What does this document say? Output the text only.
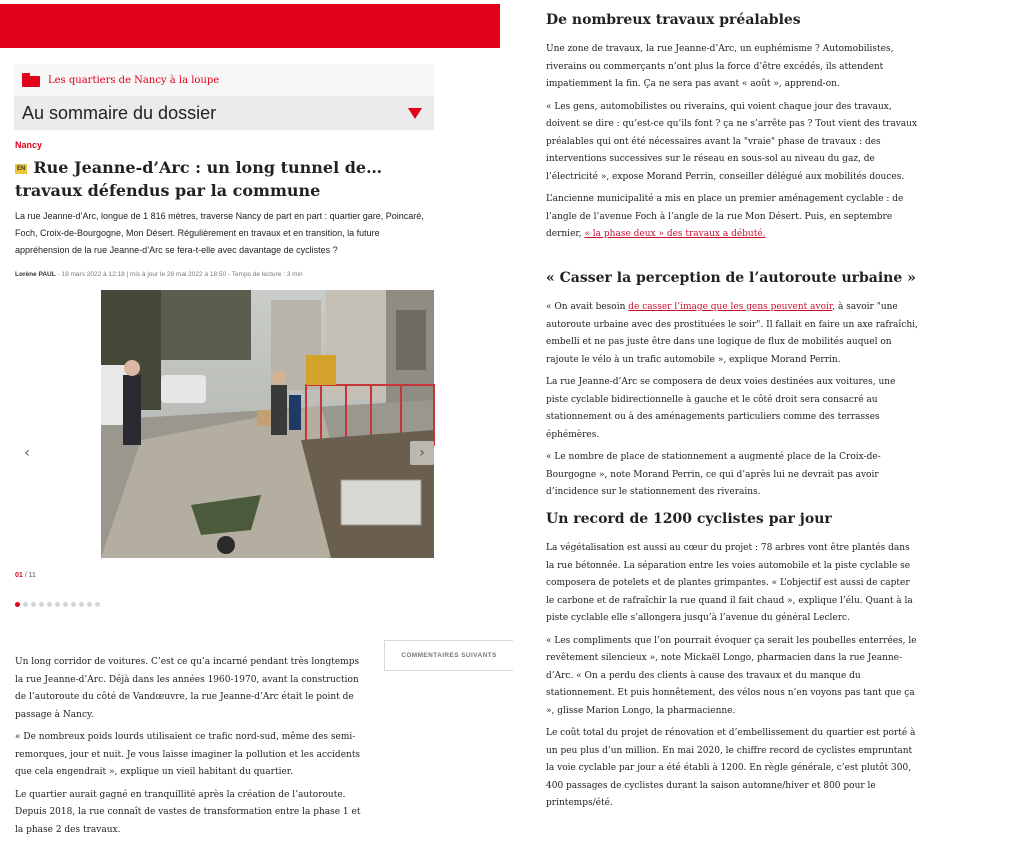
Les quartiers de Nancy à la loupe
Au sommaire du dossier
Nancy
EN Rue Jeanne-d’Arc : un long tunnel de… travaux défendus par la commune
La rue Jeanne-d’Arc, longue de 1 816 mètres, traverse Nancy de part en part : quartier gare, Poincaré, Foch, Croix-de-Bourgogne, Mon Désert. Régulièrement en travaux et en transition, la future appréhension de la rue Jeanne-d’Arc se fera-t-elle avec davantage de cyclistes ?
Lorène PAUL - 19 mars 2022 à 12:18 | mis à jour le 28 mai 2022 à 18:50 - Temps de lecture : 3 min
‹	›
01 / 11
COMMENTAIRES SUIVANTS

Un long corridor de voitures. C’est ce qu’a incarné pendant très longtemps la rue Jeanne-d’Arc. Déjà dans les années 1960-1970, avant la construction de l’autoroute du côté de Vandœuvre, la rue Jeanne-d’Arc était le point de passage à Nancy.

« De nombreux poids lourds utilisaient ce trafic nord-sud, même des semi-remorques, jour et nuit. Je vous laisse imaginer la pollution et les accidents que cela engendrait », explique un vieil habitant du quartier.

Le quartier aurait gagné en tranquillité après la création de l’autoroute. Depuis 2018, la rue connaît de vastes de transformation entre la phase 1 et la phase 2 des travaux.

De nombreux travaux préalables

Une zone de travaux, la rue Jeanne-d’Arc, un euphémisme ? Automobilistes, riverains ou commerçants n’ont plus la force d’être excédés, ils attendent impatiemment la fin. Ça ne sera pas avant « août », apprend-on.

« Les gens, automobilistes ou riverains, qui voient chaque jour des travaux, doivent se dire : qu’est-ce qu’ils font ? ça ne s’arrête pas ? Tout vient des travaux préalables qui ont été nécessaires avant la "vraie" phase de travaux : des interventions successives sur le réseau en sous-sol au niveau du gaz, de l’électricité », expose Morand Perrin, conseiller délégué aux mobilités douces.

L’ancienne municipalité a mis en place un premier aménagement cyclable : de l’angle de l’avenue Foch à l’angle de la rue Mon Désert. Puis, en septembre dernier, « la phase deux » des travaux a débuté.

« Casser la perception de l’autoroute urbaine »

« On avait besoin de casser l’image que les gens peuvent avoir, à savoir "une autoroute urbaine avec des prostituées le soir". Il fallait en faire un axe rafraîchi, embelli et ne pas juste être dans une logique de flux de mobilités auquel on rajoute le vélo à un trafic automobile », explique Morand Perrin.

La rue Jeanne-d’Arc se composera de deux voies destinées aux voitures, une piste cyclable bidirectionnelle à gauche et le côté droit sera consacré au stationnement ou à des aménagements particuliers comme des terrasses éphémères.

« Le nombre de place de stationnement a augmenté place de la Croix-de-Bourgogne », note Morand Perrin, ce qui d’après lui ne devrait pas avoir d’incidence sur le stationnement des riverains.

Un record de 1200 cyclistes par jour

La végétalisation est aussi au cœur du projet : 78 arbres vont être plantés dans la rue bétonnée. La séparation entre les voies automobile et la piste cyclable se composera de potelets et de plantes grimpantes. « L’objectif est aussi de capter le carbone et de rafraîchir la rue quand il fait chaud », explique l’élu. Quant à la piste cyclable elle s’allongera jusqu’à l’avenue du général Leclerc.

« Les compliments que l’on pourrait évoquer ça serait les poubelles enterrées, le revêtement silencieux », note Mickaël Longo, pharmacien dans la rue Jeanne-d’Arc. « On a perdu des clients à cause des travaux et du manque du stationnement. Et puis honnêtement, des vélos nous n’en voyons pas tant que ça », glisse Marion Longo, la pharmacienne.

Le coût total du projet de rénovation et d’embellissement du quartier est porté à un peu plus d’un million. En mai 2020, le chiffre record de cyclistes empruntant la voie cyclable par jour a été établi à 1200. En règle générale, c’est plutôt 300, 400 passages de cyclistes durant la saison automne/hiver et 800 pour le printemps/été.
